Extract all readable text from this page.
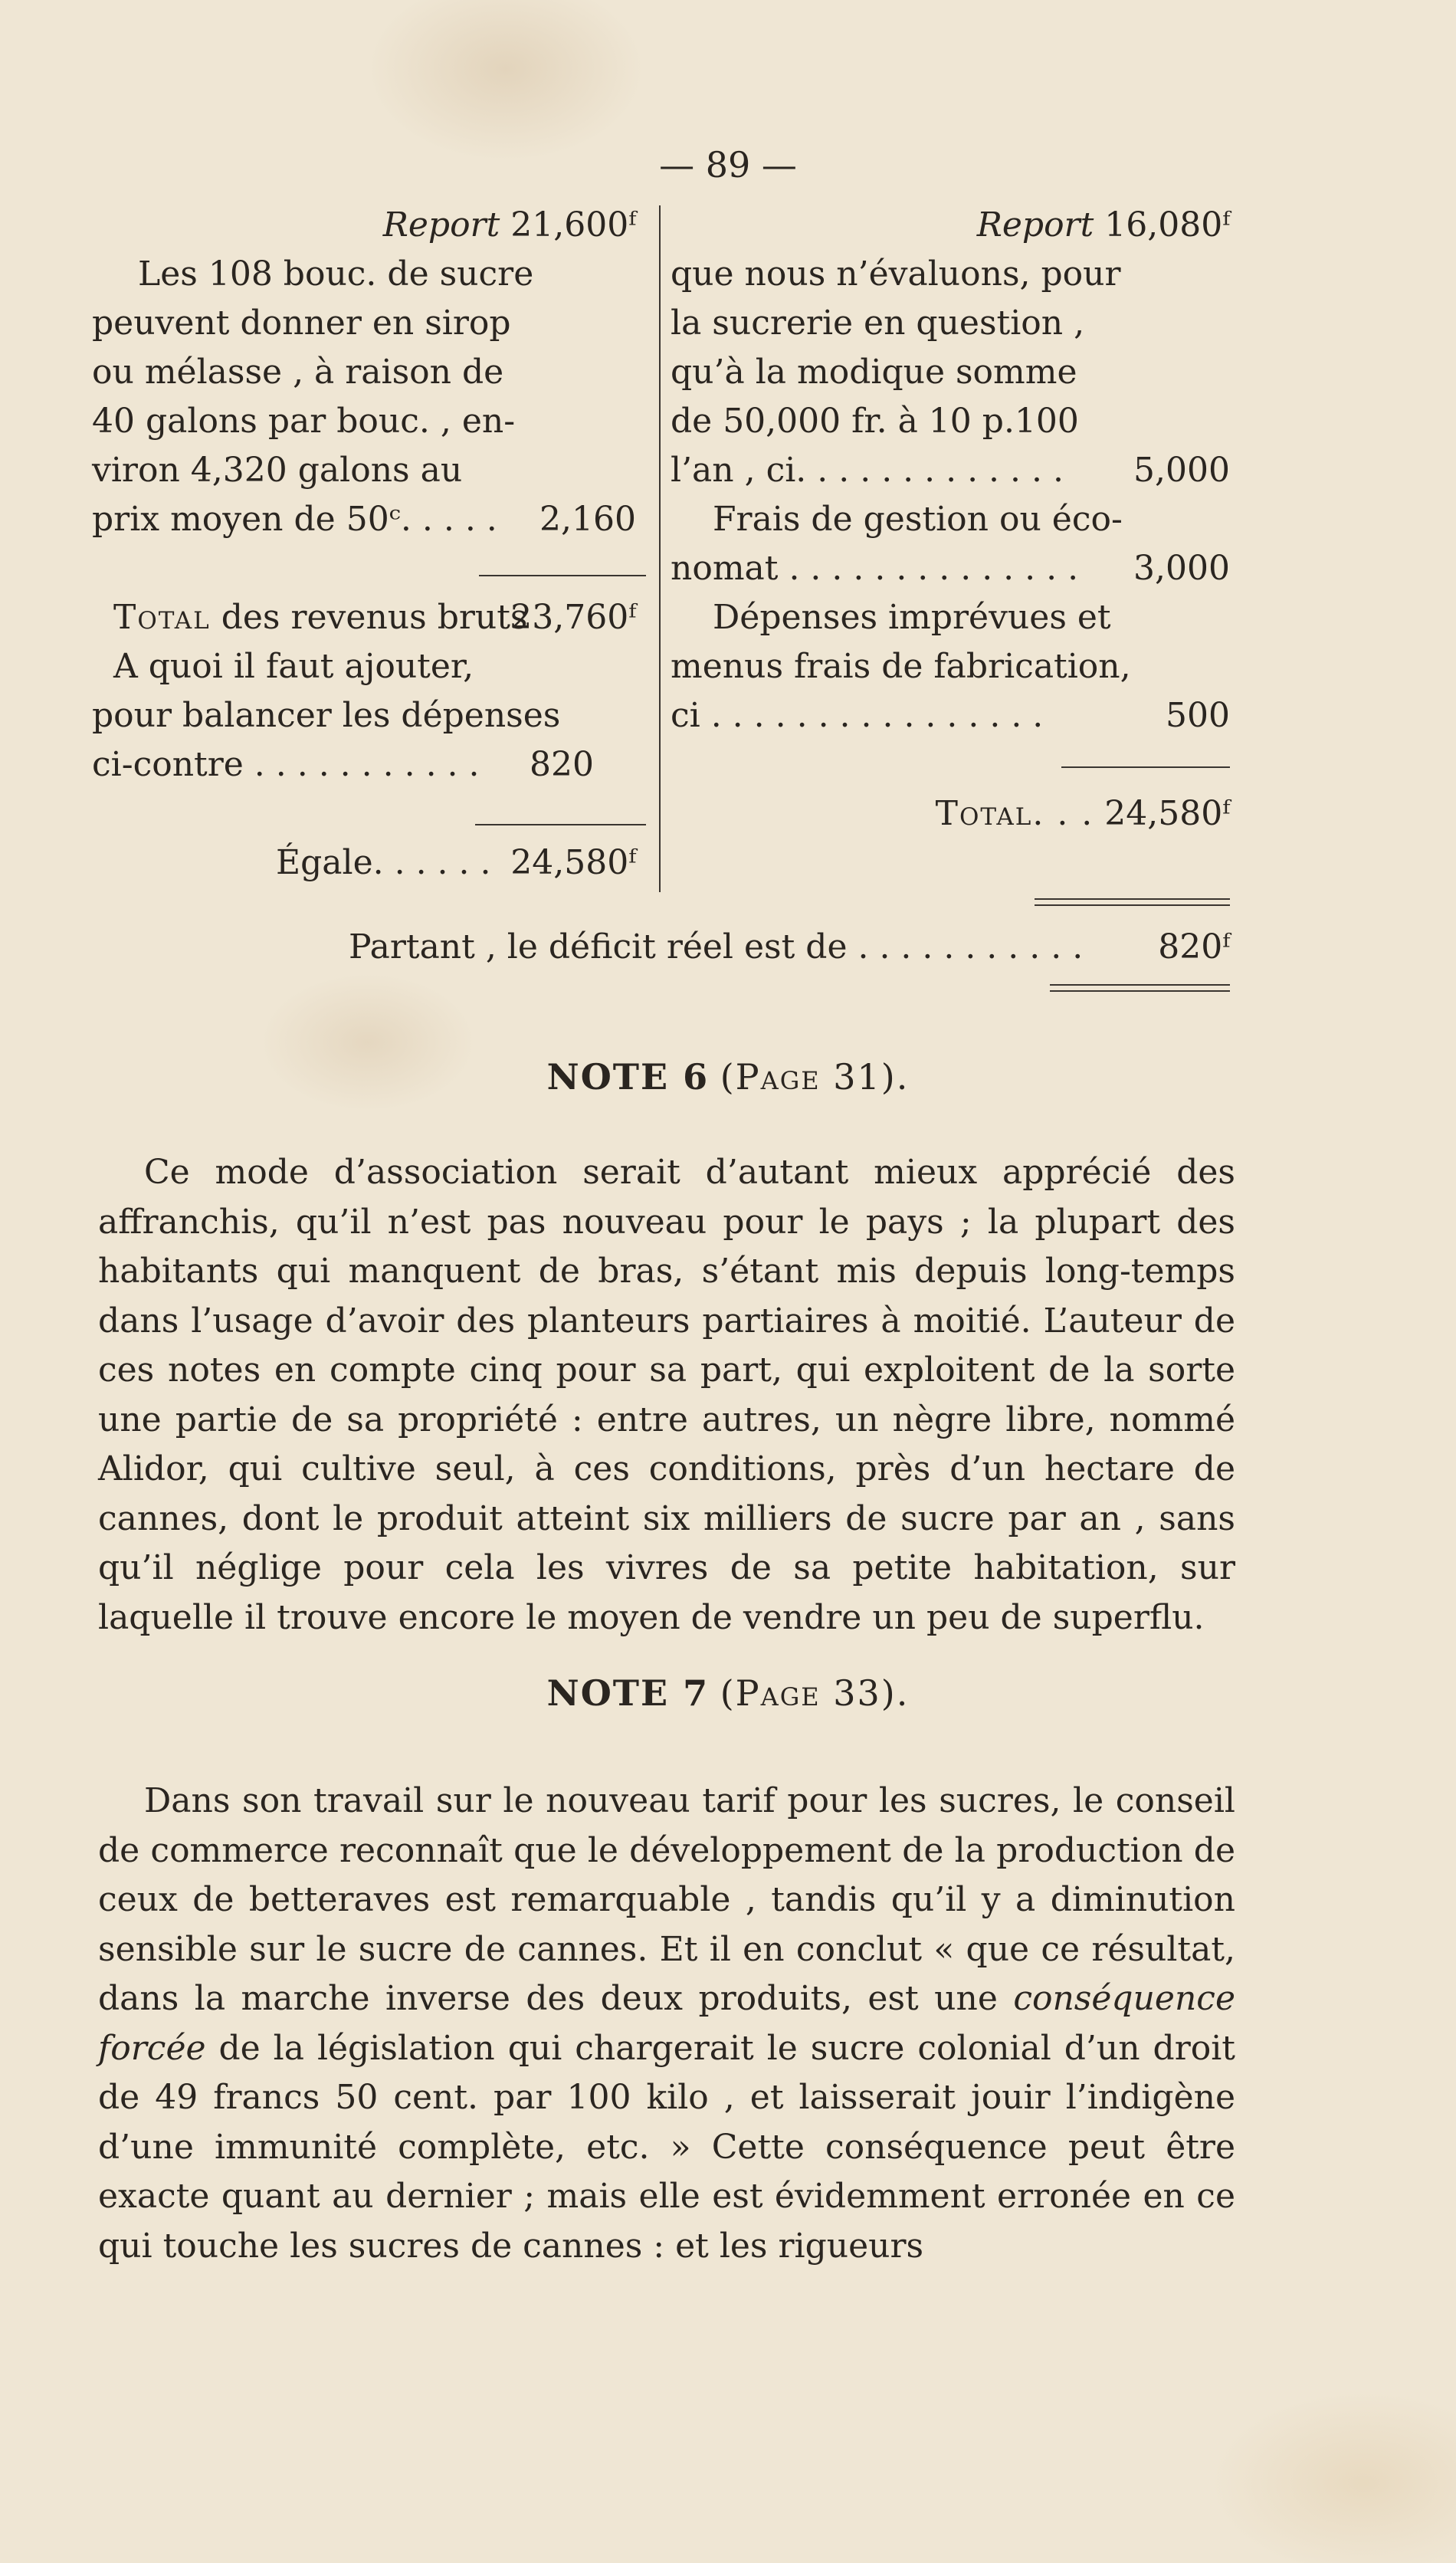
— 89 —
Report 21,600ᶠ
Les 108 bouc. de sucre
peuvent donner en sirop
ou mélasse , à raison de
40 galons par bouc. , en-
viron 4,320 galons au
prix moyen de 50ᶜ. . . . . 2,160
Total des revenus bruts
23,760ᶠ
A quoi il faut ajouter,
pour balancer les dépenses
ci-contre . . . . . . . . . . . 820
Égale. . . . . . 24,580ᶠ
Report 16,080ᶠ
que nous n’évaluons, pour
la sucrerie en question ,
qu’à la modique somme
de 50,000 fr. à 10 p.100
l’an , ci. . . . . . . . . . . . . 5,000
Frais de gestion ou éco-
nomat . . . . . . . . . . . . . . 3,000
Dépenses imprévues et
menus frais de fabrication,
ci . . . . . . . . . . . . . . . .	500
Total. . . 24,580ᶠ
Partant , le déficit réel est de . . . . . . . . . . . 820ᶠ
NOTE 6 (Page 31).

Ce mode d’association serait d’autant mieux apprécié des affranchis, qu’il n’est pas nouveau pour le pays ; la plupart des habitants qui manquent de bras, s’étant mis depuis long-temps dans l’usage d’avoir des planteurs partiaires à moitié. L’auteur de ces notes en compte cinq pour sa part, qui exploitent de la sorte une partie de sa propriété : entre autres, un nègre libre, nommé Alidor, qui cultive seul, à ces conditions, près d’un hectare de cannes, dont le produit atteint six milliers de sucre par an , sans qu’il néglige pour cela les vivres de sa petite habitation, sur laquelle il trouve encore le moyen de vendre un peu de superflu.

NOTE 7 (Page 33).

Dans son travail sur le nouveau tarif pour les sucres, le conseil de commerce reconnaît que le développement de la production de ceux de betteraves est remarquable , tandis qu’il y a diminution sensible sur le sucre de cannes. Et il en conclut « que ce résultat, dans la marche inverse des deux produits, est une conséquence forcée de la législation qui chargerait le sucre colonial d’un droit de 49 francs 50 cent. par 100 kilo , et laisserait jouir l’indigène d’une immunité complète, etc. » Cette conséquence peut être exacte quant au dernier ; mais elle est évidemment erronée en ce qui touche les sucres de cannes : et les rigueurs
